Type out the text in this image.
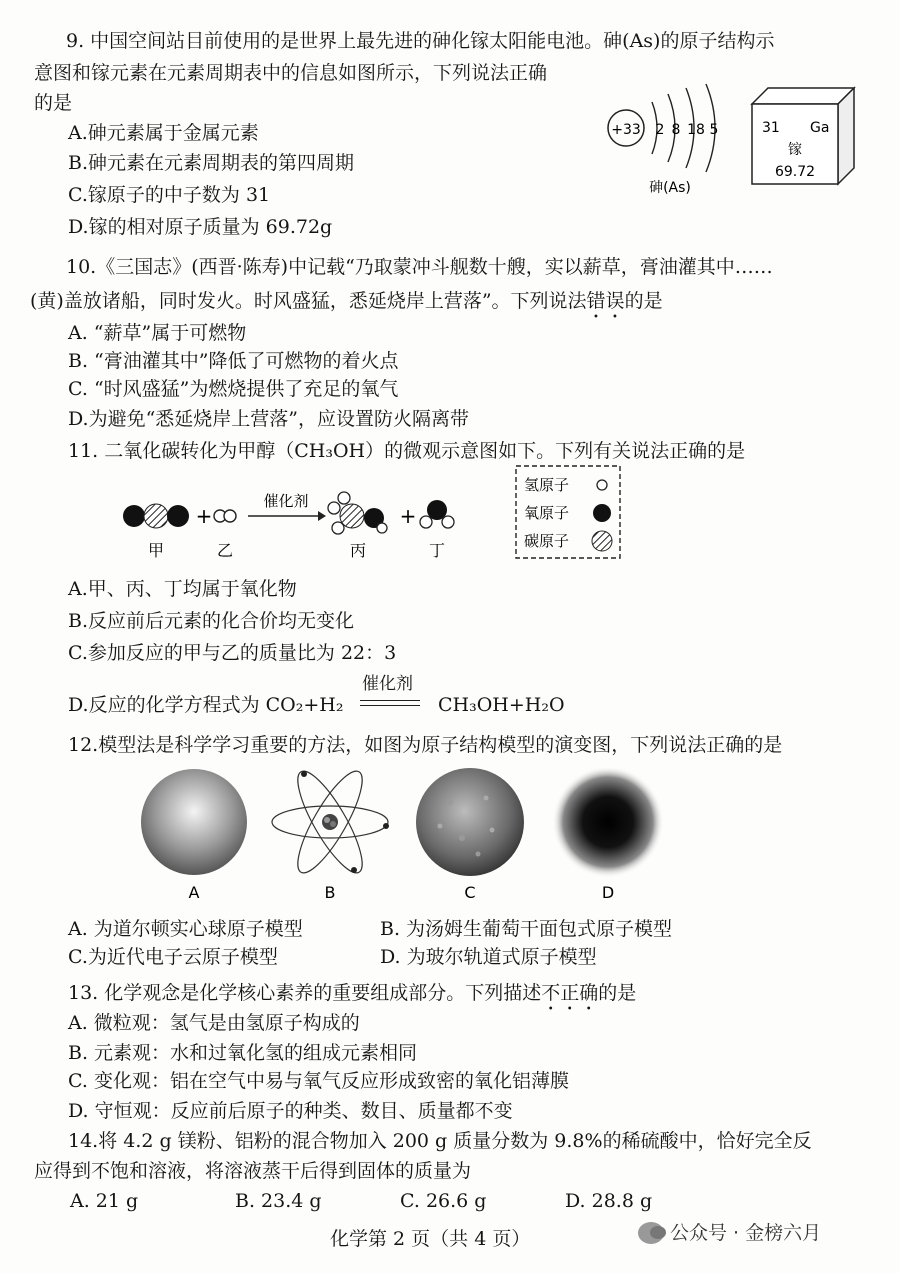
9. 中国空间站目前使用的是世界上最先进的砷化镓太阳能电池。砷(As)的原子结构示
意图和镓元素在元素周期表中的信息如图所示，下列说法正确
的是
A.砷元素属于金属元素
B.砷元素在元素周期表的第四周期
C.镓原子的中子数为 31
D.镓的相对原子质量为 69.72g
+33 2 8 18 5
砷(As)
31 Ga
镓
69.72
10.《三国志》(西晋·陈寿)中记载“乃取蒙冲斗舰数十艘，实以薪草，膏油灌其中……
(黄)盖放诸船，同时发火。时风盛猛，悉延烧岸上营落”。下列说法错误的是
A. “薪草”属于可燃物
B. “膏油灌其中”降低了可燃物的着火点
C. “时风盛猛”为燃烧提供了充足的氧气
D.为避免“悉延烧岸上营落”，应设置防火隔离带
11. 二氧化碳转化为甲醇（CH₃OH）的微观示意图如下。下列有关说法正确的是
+
催化剂
+
甲	乙	丙	丁
氢原子
氧原子
碳原子
A.甲、丙、丁均属于氧化物
B.反应前后元素的化合价均无变化
C.参加反应的甲与乙的质量比为 22：3
D.反应的化学方程式为 CO₂+H₂
催化剂
CH₃OH+H₂O
12.模型法是科学学习重要的方法，如图为原子结构模型的演变图，下列说法正确的是
A	B	C	D
A. 为道尔顿实心球原子模型	B. 为汤姆生葡萄干面包式原子模型
C.为近代电子云原子模型	D. 为玻尔轨道式原子模型
13. 化学观念是化学核心素养的重要组成部分。下列描述不正确的是
A. 微粒观：氢气是由氢原子构成的
B. 元素观：水和过氧化氢的组成元素相同
C. 变化观：铝在空气中易与氧气反应形成致密的氧化铝薄膜
D. 守恒观：反应前后原子的种类、数目、质量都不变
14.将 4.2 g 镁粉、铝粉的混合物加入 200 g 质量分数为 9.8%的稀硫酸中，恰好完全反
应得到不饱和溶液，将溶液蒸干后得到固体的质量为
A. 21 g	B. 23.4 g	C. 26.6 g	D. 28.8 g
化学第 2 页（共 4 页）	公众号 · 金榜六月
